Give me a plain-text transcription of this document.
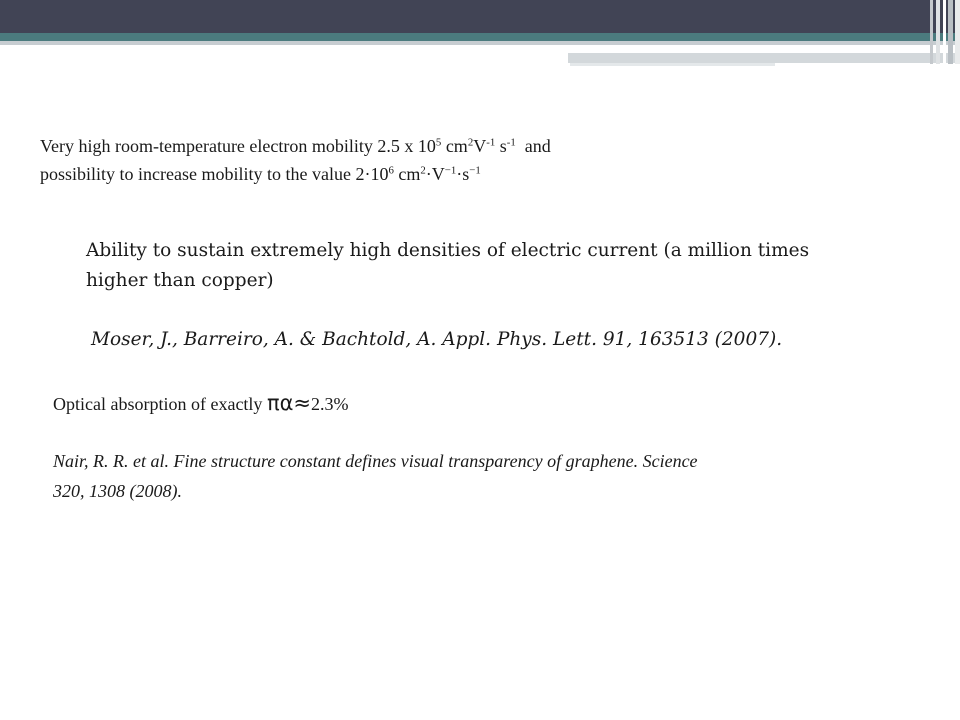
Very high room-temperature electron mobility 2.5 x $10^5$ $cm^2V^{-1}$ $s^{-1}$  and
possibility to increase mobility to the value $2\cdot 10^6$ $cm^2\cdot V^{-1}\cdot s^{-1}$
Ability to sustain extremely high densities of electric current (a million times
higher than copper)
Moser, J., Barreiro, A. & Bachtold, A. Appl. Phys. Lett. 91, 163513 (2007).
Optical absorption of exactly πα≈2.3%
Nair, R. R. et al. Fine structure constant defines visual transparency of graphene. Science
320, 1308 (2008).
